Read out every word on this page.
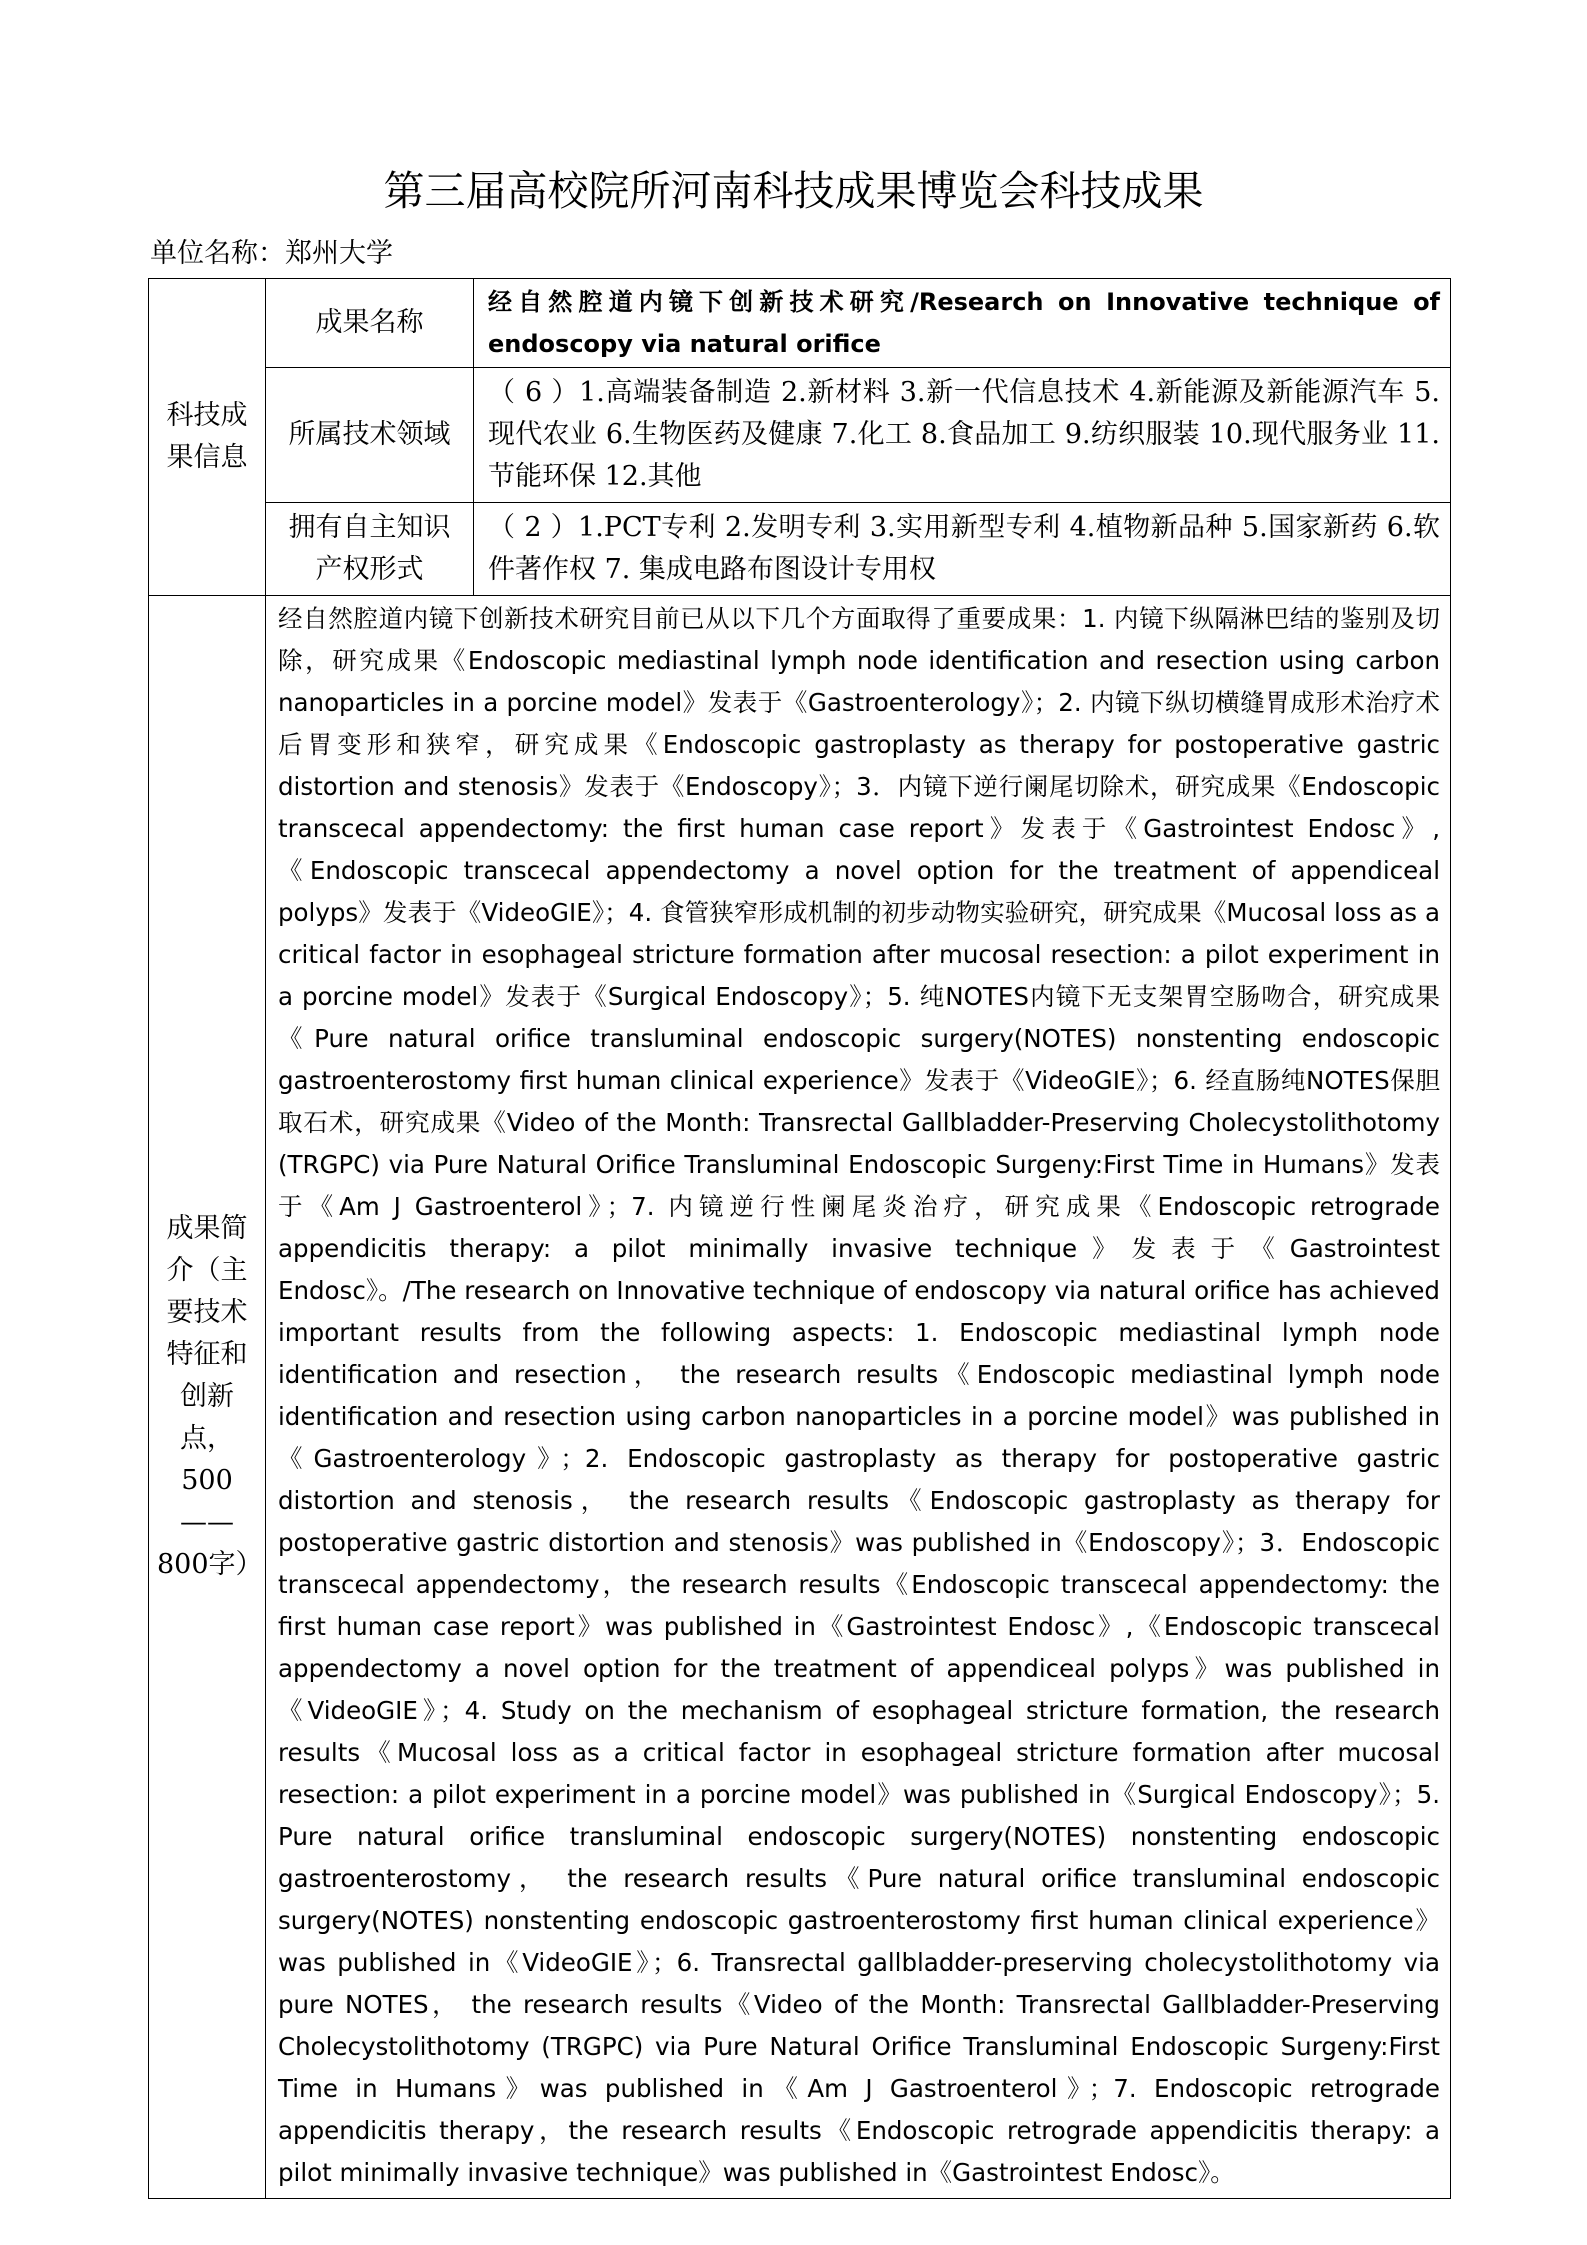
第三届高校院所河南科技成果博览会科技成果
单位名称：郑州大学
科技成果信息	成果名称	经自然腔道内镜下创新技术研究/Research on Innovative technique of endoscopy via natural orifice

	所属技术领域	（ 6 ）1.高端装备制造 2.新材料 3.新一代信息技术 4.新能源及新能源汽车 5.现代农业 6.生物医药及健康 7.化工 8.食品加工 9.纺织服装 10.现代服务业 11.节能环保 12.其他

	拥有自主知识产权形式	（ 2 ）1.PCT专利 2.发明专利 3.实用新型专利 4.植物新品种 5.国家新药 6.软件著作权 7. 集成电路布图设计专用权

成果简介（主要技术特征和创新点，500——800字）	经自然腔道内镜下创新技术研究目前已从以下几个方面取得了重要成果：1. 内镜下纵隔淋巴结的鉴别及切除，研究成果《Endoscopic mediastinal lymph node identification and resection using carbon nanoparticles in a porcine model》发表于《Gastroenterology》；2. 内镜下纵切横缝胃成形术治疗术后胃变形和狭窄，研究成果《Endoscopic gastroplasty as therapy for postoperative gastric distortion and stenosis》发表于《Endoscopy》；3．内镜下逆行阑尾切除术，研究成果《Endoscopic transcecal appendectomy: the first human case report》发表于《Gastrointest Endosc》,《Endoscopic transcecal appendectomy a novel option for the treatment of appendiceal polyps》发表于《VideoGIE》；4. 食管狭窄形成机制的初步动物实验研究，研究成果《Mucosal loss as a critical factor in esophageal stricture formation after mucosal resection: a pilot experiment in a porcine model》发表于《Surgical Endoscopy》；5. 纯NOTES内镜下无支架胃空肠吻合，研究成果《Pure natural orifice transluminal endoscopic surgery(NOTES) nonstenting endoscopic gastroenterostomy first human clinical experience》发表于《VideoGIE》；6. 经直肠纯NOTES保胆取石术，研究成果《Video of the Month: Transrectal Gallbladder-Preserving Cholecystolithotomy (TRGPC) via Pure Natural Orifice Transluminal Endoscopic Surgeny:First Time in Humans》发表于《Am J Gastroenterol》；7. 内镜逆行性阑尾炎治疗，研究成果《Endoscopic retrograde appendicitis therapy: a pilot minimally invasive technique》发表于《Gastrointest Endosc》。/The research on Innovative technique of endoscopy via natural orifice has achieved important results from the following aspects: 1. Endoscopic mediastinal lymph node identification and resection， the research results《Endoscopic mediastinal lymph node identification and resection using carbon nanoparticles in a porcine model》was published in《Gastroenterology》；2. Endoscopic gastroplasty as therapy for postoperative gastric distortion and stenosis， the research results《Endoscopic gastroplasty as therapy for postoperative gastric distortion and stenosis》was published in《Endoscopy》；3．Endoscopic transcecal appendectomy，the research results《Endoscopic transcecal appendectomy: the first human case report》was published in《Gastrointest Endosc》,《Endoscopic transcecal appendectomy a novel option for the treatment of appendiceal polyps》was published in《VideoGIE》；4. Study on the mechanism of esophageal stricture formation, the research results《Mucosal loss as a critical factor in esophageal stricture formation after mucosal resection: a pilot experiment in a porcine model》was published in《Surgical Endoscopy》；5. Pure natural orifice transluminal endoscopic surgery(NOTES) nonstenting endoscopic gastroenterostomy， the research results《Pure natural orifice transluminal endoscopic surgery(NOTES) nonstenting endoscopic gastroenterostomy first human clinical experience》was published in《VideoGIE》；6. Transrectal gallbladder-preserving cholecystolithotomy via pure NOTES， the research results《Video of the Month: Transrectal Gallbladder-Preserving Cholecystolithotomy (TRGPC) via Pure Natural Orifice Transluminal Endoscopic Surgeny:First Time in Humans》was published in《Am J Gastroenterol》；7. Endoscopic retrograde appendicitis therapy，the research results《Endoscopic retrograde appendicitis therapy: a pilot minimally invasive technique》was published in《Gastrointest Endosc》。	
